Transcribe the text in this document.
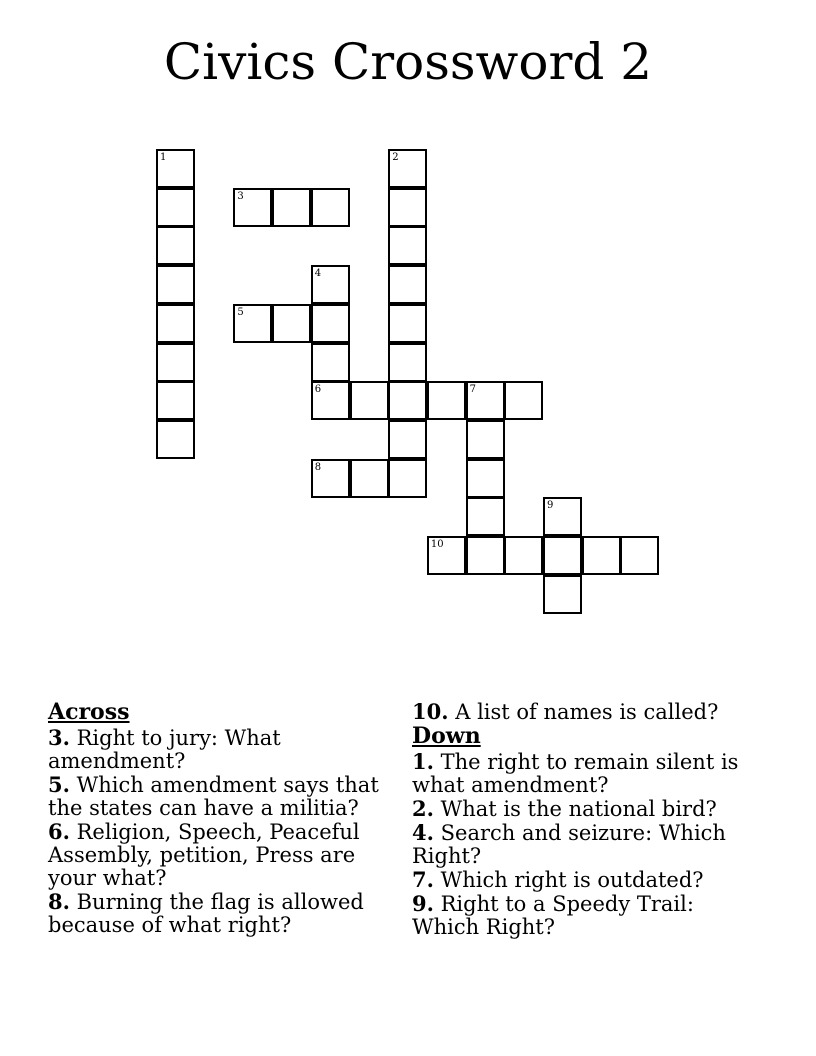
Civics Crossword 2
1	2
3
4
6
5
7
8
9
10
Across

3. Right to jury: What amendment?

5. Which amendment says that the states can have a militia?

6. Religion, Speech, Peaceful Assembly, petition, Press are your what?

8. Burning the flag is allowed because of what right?

10. A list of names is called?

Down

1. The right to remain silent is what amendment?

2. What is the national bird?

4. Search and seizure: Which Right?

7. Which right is outdated?

9. Right to a Speedy Trail: Which Right?
